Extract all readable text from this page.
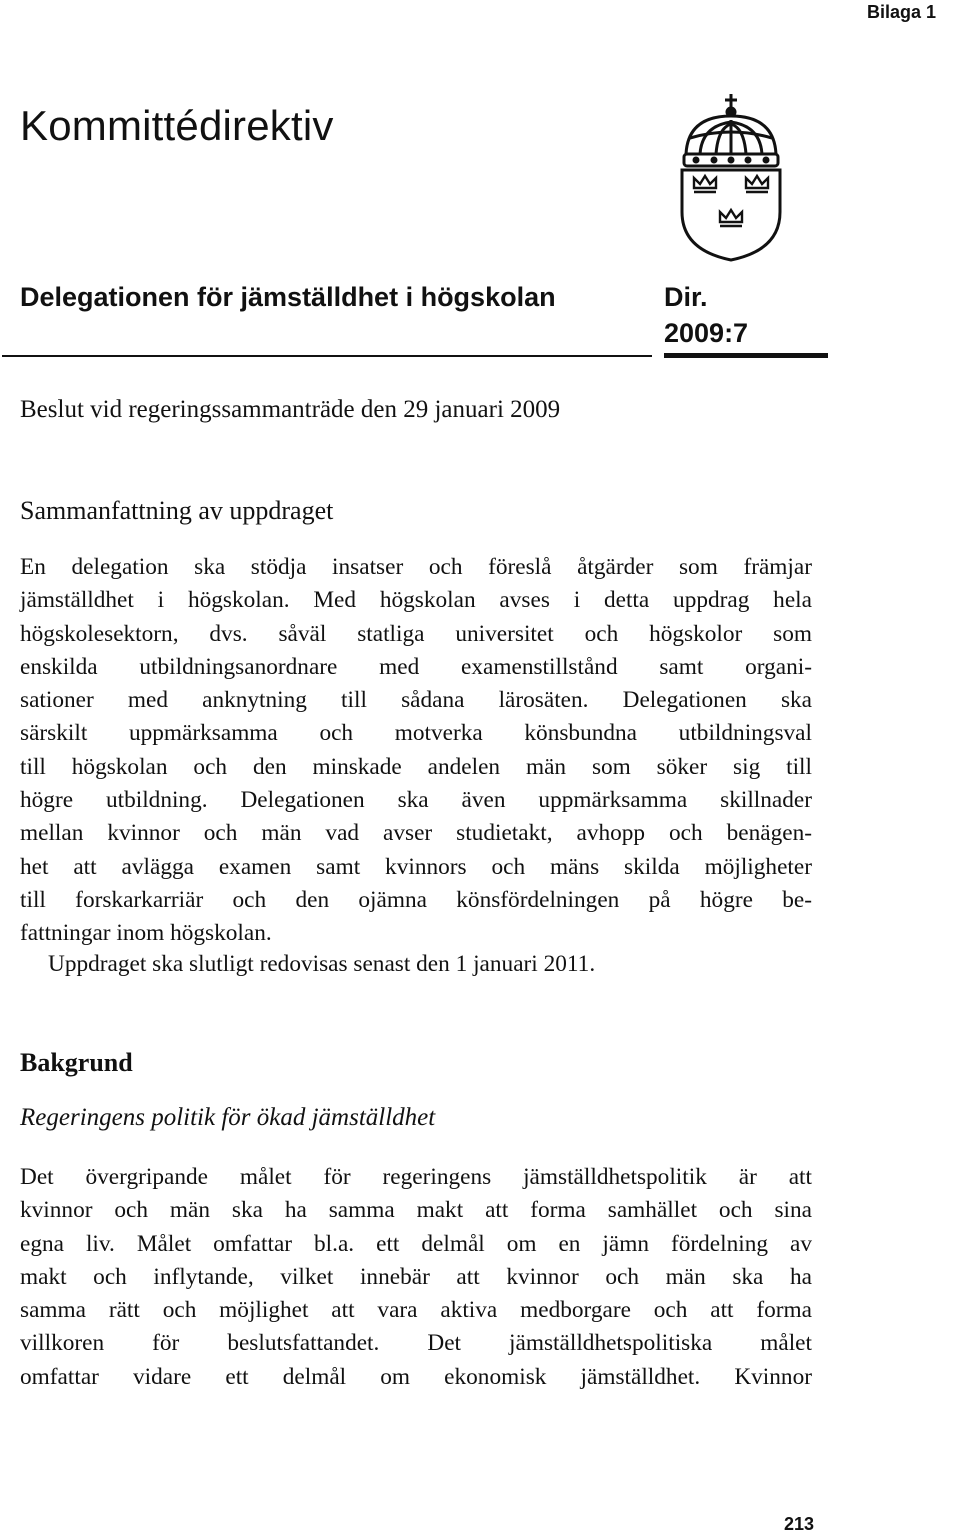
Bilaga 1
Kommittédirektiv
Delegationen för jämställdhet i högskolan	Dir.
2009:7
Beslut vid regeringssammanträde den 29 januari 2009
Sammanfattning av uppdraget
En delegation ska stödja insatser och föreslå åtgärder som främjar
jämställdhet i högskolan. Med högskolan avses i detta uppdrag hela
högskolesektorn, dvs. såväl statliga universitet och högskolor som
enskilda utbildningsanordnare med examenstillstånd samt organi-
sationer med anknytning till sådana lärosäten. Delegationen ska
särskilt uppmärksamma och motverka könsbundna utbildningsval
till högskolan och den minskade andelen män som söker sig till
högre utbildning. Delegationen ska även uppmärksamma skillnader
mellan kvinnor och män vad avser studietakt, avhopp och benägen-
het att avlägga examen samt kvinnors och mäns skilda möjligheter
till forskarkarriär och den ojämna könsfördelningen på högre be-
fattningar inom högskolan.
Uppdraget ska slutligt redovisas senast den 1 januari 2011.
Bakgrund
Regeringens politik för ökad jämställdhet
Det övergripande målet för regeringens jämställdhetspolitik är att
kvinnor och män ska ha samma makt att forma samhället och sina
egna liv. Målet omfattar bl.a. ett delmål om en jämn fördelning av
makt och inflytande, vilket innebär att kvinnor och män ska ha
samma rätt och möjlighet att vara aktiva medborgare och att forma
villkoren för beslutsfattandet. Det jämställdhetspolitiska målet
omfattar vidare ett delmål om ekonomisk jämställdhet. Kvinnor
213
